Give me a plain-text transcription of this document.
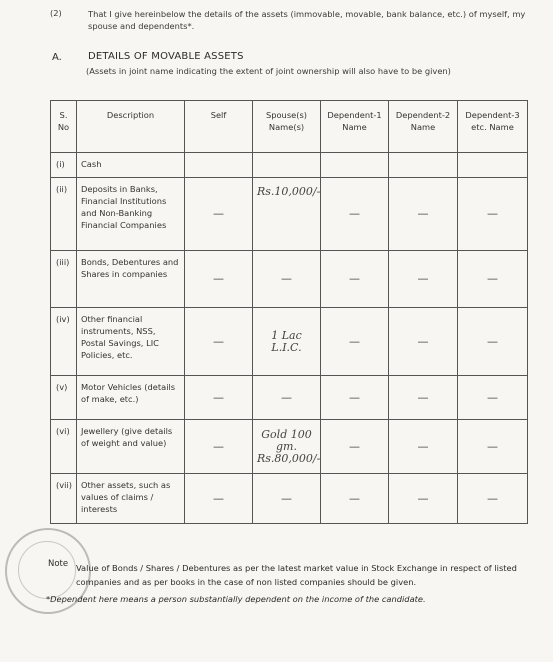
(2)	That I give hereinbelow the details of the assets (immovable, movable, bank balance, etc.) of myself, my spouse and dependents*.
A.	DETAILS OF MOVABLE ASSETS
(Assets in joint name indicating the extent of joint ownership will also have to be given)
S. No	Description	Self	Spouse(s) Name(s)	Dependent-1 Name	Dependent-2 Name	Dependent-3 etc. Name
(i)	Cash					
(ii)	Deposits in Banks, Financial Institutions and Non-Banking Financial Companies	—	Rs.10,000/-	—	—	—
(iii)	Bonds, Debentures and Shares in companies	—	—	—	—	—
(iv)	Other financial instruments, NSS, Postal Savings, LIC Policies, etc.	—	1 Lac L.I.C.	—	—	—
(v)	Motor Vehicles (details of make, etc.)	—	—	—	—	—
(vi)	Jewellery (give details of weight and value)	—	Gold 100 gm. Rs.80,000/-	—	—	—
(vii)	Other assets, such as values of claims / interests	—	—	—	—	—
Note Value of Bonds / Shares / Debentures as per the latest market value in Stock Exchange in respect of listed companies and as per books in the case of non listed companies should be given.
*Dependent here means a person substantially dependent on the income of the candidate.
